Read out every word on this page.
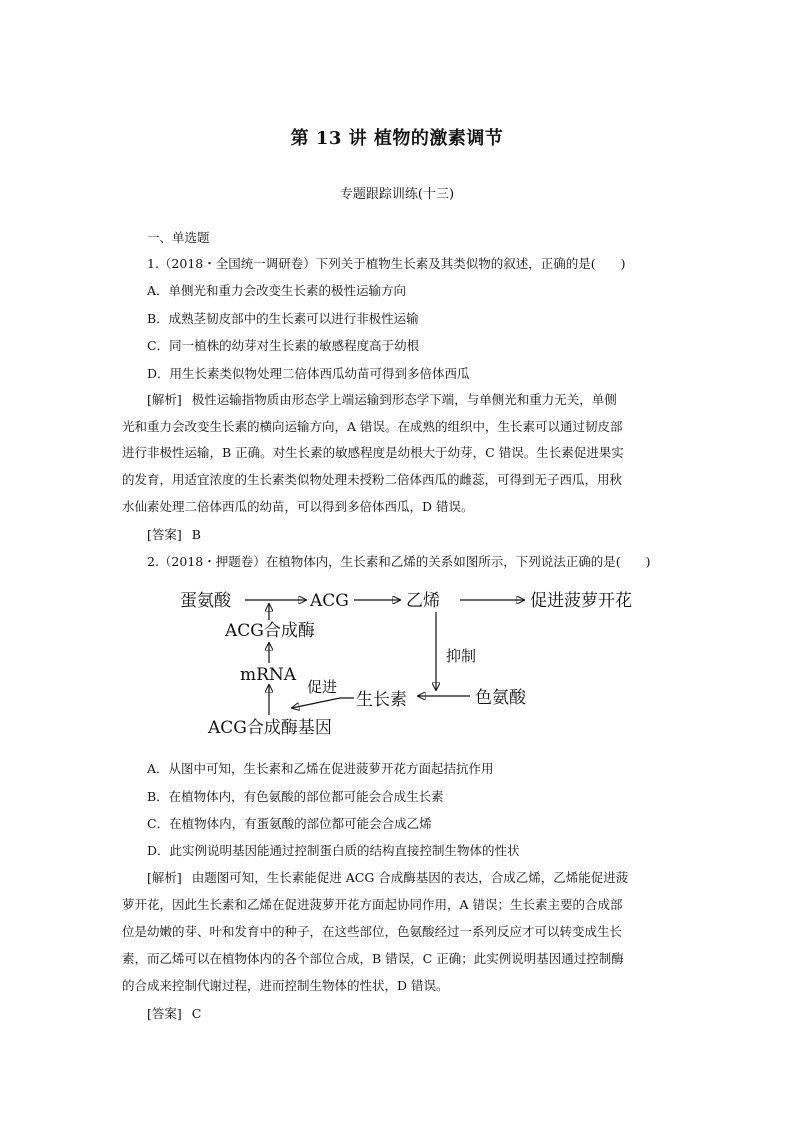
第 13 讲 植物的激素调节
专题跟踪训练(十三)
一、单选题
1.（2018・全国统一调研卷）下列关于植物生长素及其类似物的叙述，正确的是(　　)
A．单侧光和重力会改变生长素的极性运输方向
B．成熟茎韧皮部中的生长素可以进行非极性运输
C．同一植株的幼芽对生长素的敏感程度高于幼根
D．用生长素类似物处理二倍体西瓜幼苗可得到多倍体西瓜
[解析] 极性运输指物质由形态学上端运输到形态学下端，与单侧光和重力无关，单侧
光和重力会改变生长素的横向运输方向，A 错误。在成熟的组织中，生长素可以通过韧皮部
进行非极性运输，B 正确。对生长素的敏感程度是幼根大于幼芽，C 错误。生长素促进果实
的发育，用适宜浓度的生长素类似物处理未授粉二倍体西瓜的雌蕊，可得到无子西瓜，用秋
水仙素处理二倍体西瓜的幼苗，可以得到多倍体西瓜，D 错误。
[答案] B
2.（2018・押题卷）在植物体内，生长素和乙烯的关系如图所示，下列说法正确的是(　　)
蛋氨酸	ACG	乙烯	促进菠萝开花
ACG合成酶
mRNA
抑制
促进
生长素	色氨酸
ACG合成酶基因
A．从图中可知，生长素和乙烯在促进菠萝开花方面起拮抗作用
B．在植物体内，有色氨酸的部位都可能会合成生长素
C．在植物体内，有蛋氨酸的部位都可能会合成乙烯
D．此实例说明基因能通过控制蛋白质的结构直接控制生物体的性状
[解析] 由题图可知，生长素能促进 ACG 合成酶基因的表达，合成乙烯，乙烯能促进菠
萝开花，因此生长素和乙烯在促进菠萝开花方面起协同作用，A 错误；生长素主要的合成部
位是幼嫩的芽、叶和发育中的种子，在这些部位，色氨酸经过一系列反应才可以转变成生长
素，而乙烯可以在植物体内的各个部位合成，B 错误，C 正确；此实例说明基因通过控制酶
的合成来控制代谢过程，进而控制生物体的性状，D 错误。
[答案] C
